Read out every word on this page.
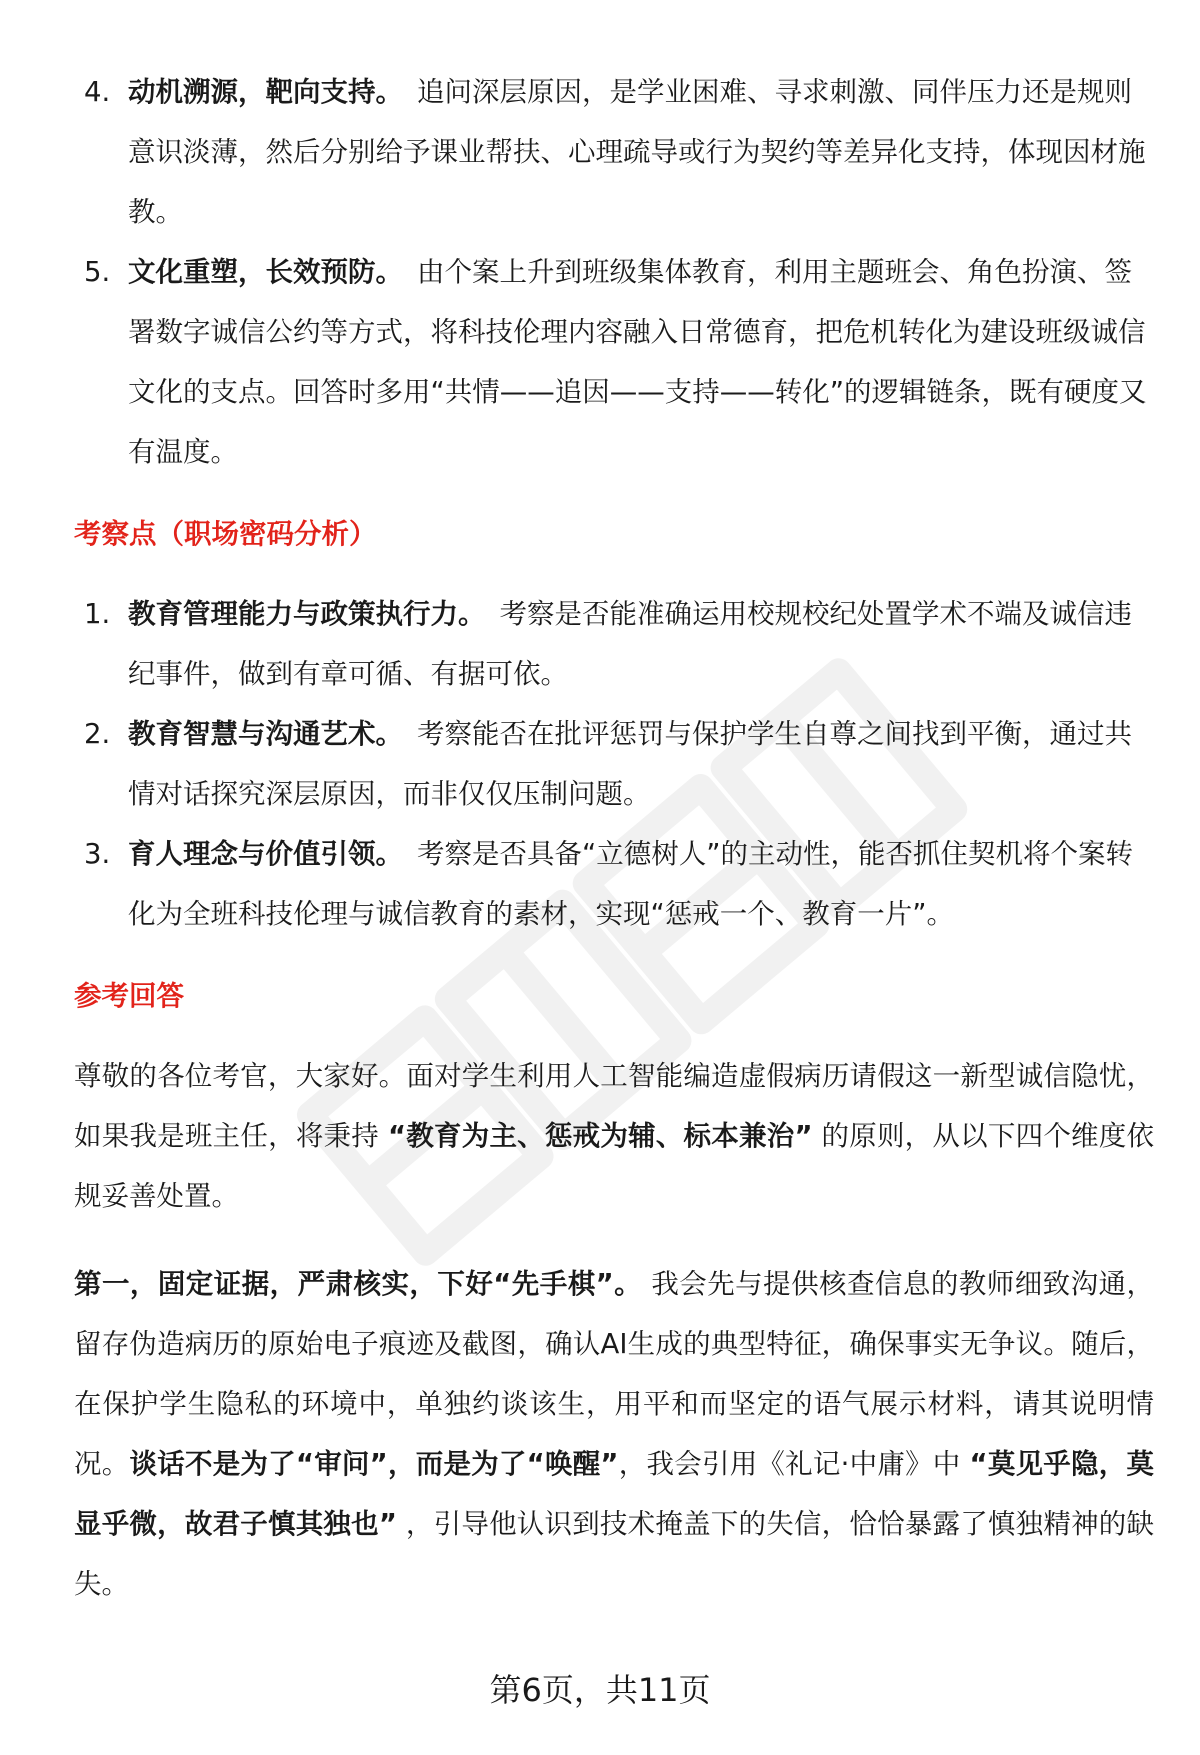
4. 动机溯源，靶向支持。 追问深层原因，是学业困难、寻求刺激、同伴压力还是规则意识淡薄，然后分别给予课业帮扶、心理疏导或行为契约等差异化支持，体现因材施教。
5. 文化重塑，长效预防。 由个案上升到班级集体教育，利用主题班会、角色扮演、签署数字诚信公约等方式，将科技伦理内容融入日常德育，把危机转化为建设班级诚信文化的支点。回答时多用“共情——追因——支持——转化”的逻辑链条，既有硬度又有温度。
考察点（职场密码分析）
1. 教育管理能力与政策执行力。 考察是否能准确运用校规校纪处置学术不端及诚信违纪事件，做到有章可循、有据可依。
2. 教育智慧与沟通艺术。 考察能否在批评惩罚与保护学生自尊之间找到平衡，通过共情对话探究深层原因，而非仅仅压制问题。
3. 育人理念与价值引领。 考察是否具备“立德树人”的主动性，能否抓住契机将个案转化为全班科技伦理与诚信教育的素材，实现“惩戒一个、教育一片”。
参考回答

尊敬的各位考官，大家好。面对学生利用人工智能编造虚假病历请假这一新型诚信隐忧，如果我是班主任，将秉持 “教育为主、惩戒为辅、标本兼治” 的原则，从以下四个维度依规妥善处置。

第一，固定证据，严肃核实，下好“先手棋”。 我会先与提供核查信息的教师细致沟通，留存伪造病历的原始电子痕迹及截图，确认AI生成的典型特征，确保事实无争议。随后，在保护学生隐私的环境中，单独约谈该生，用平和而坚定的语气展示材料，请其说明情况。谈话不是为了“审问”，而是为了“唤醒”，我会引用《礼记·中庸》中 “莫见乎隐，莫显乎微，故君子慎其独也” ，引导他认识到技术掩盖下的失信，恰恰暴露了慎独精神的缺失。

第6页，共11页
